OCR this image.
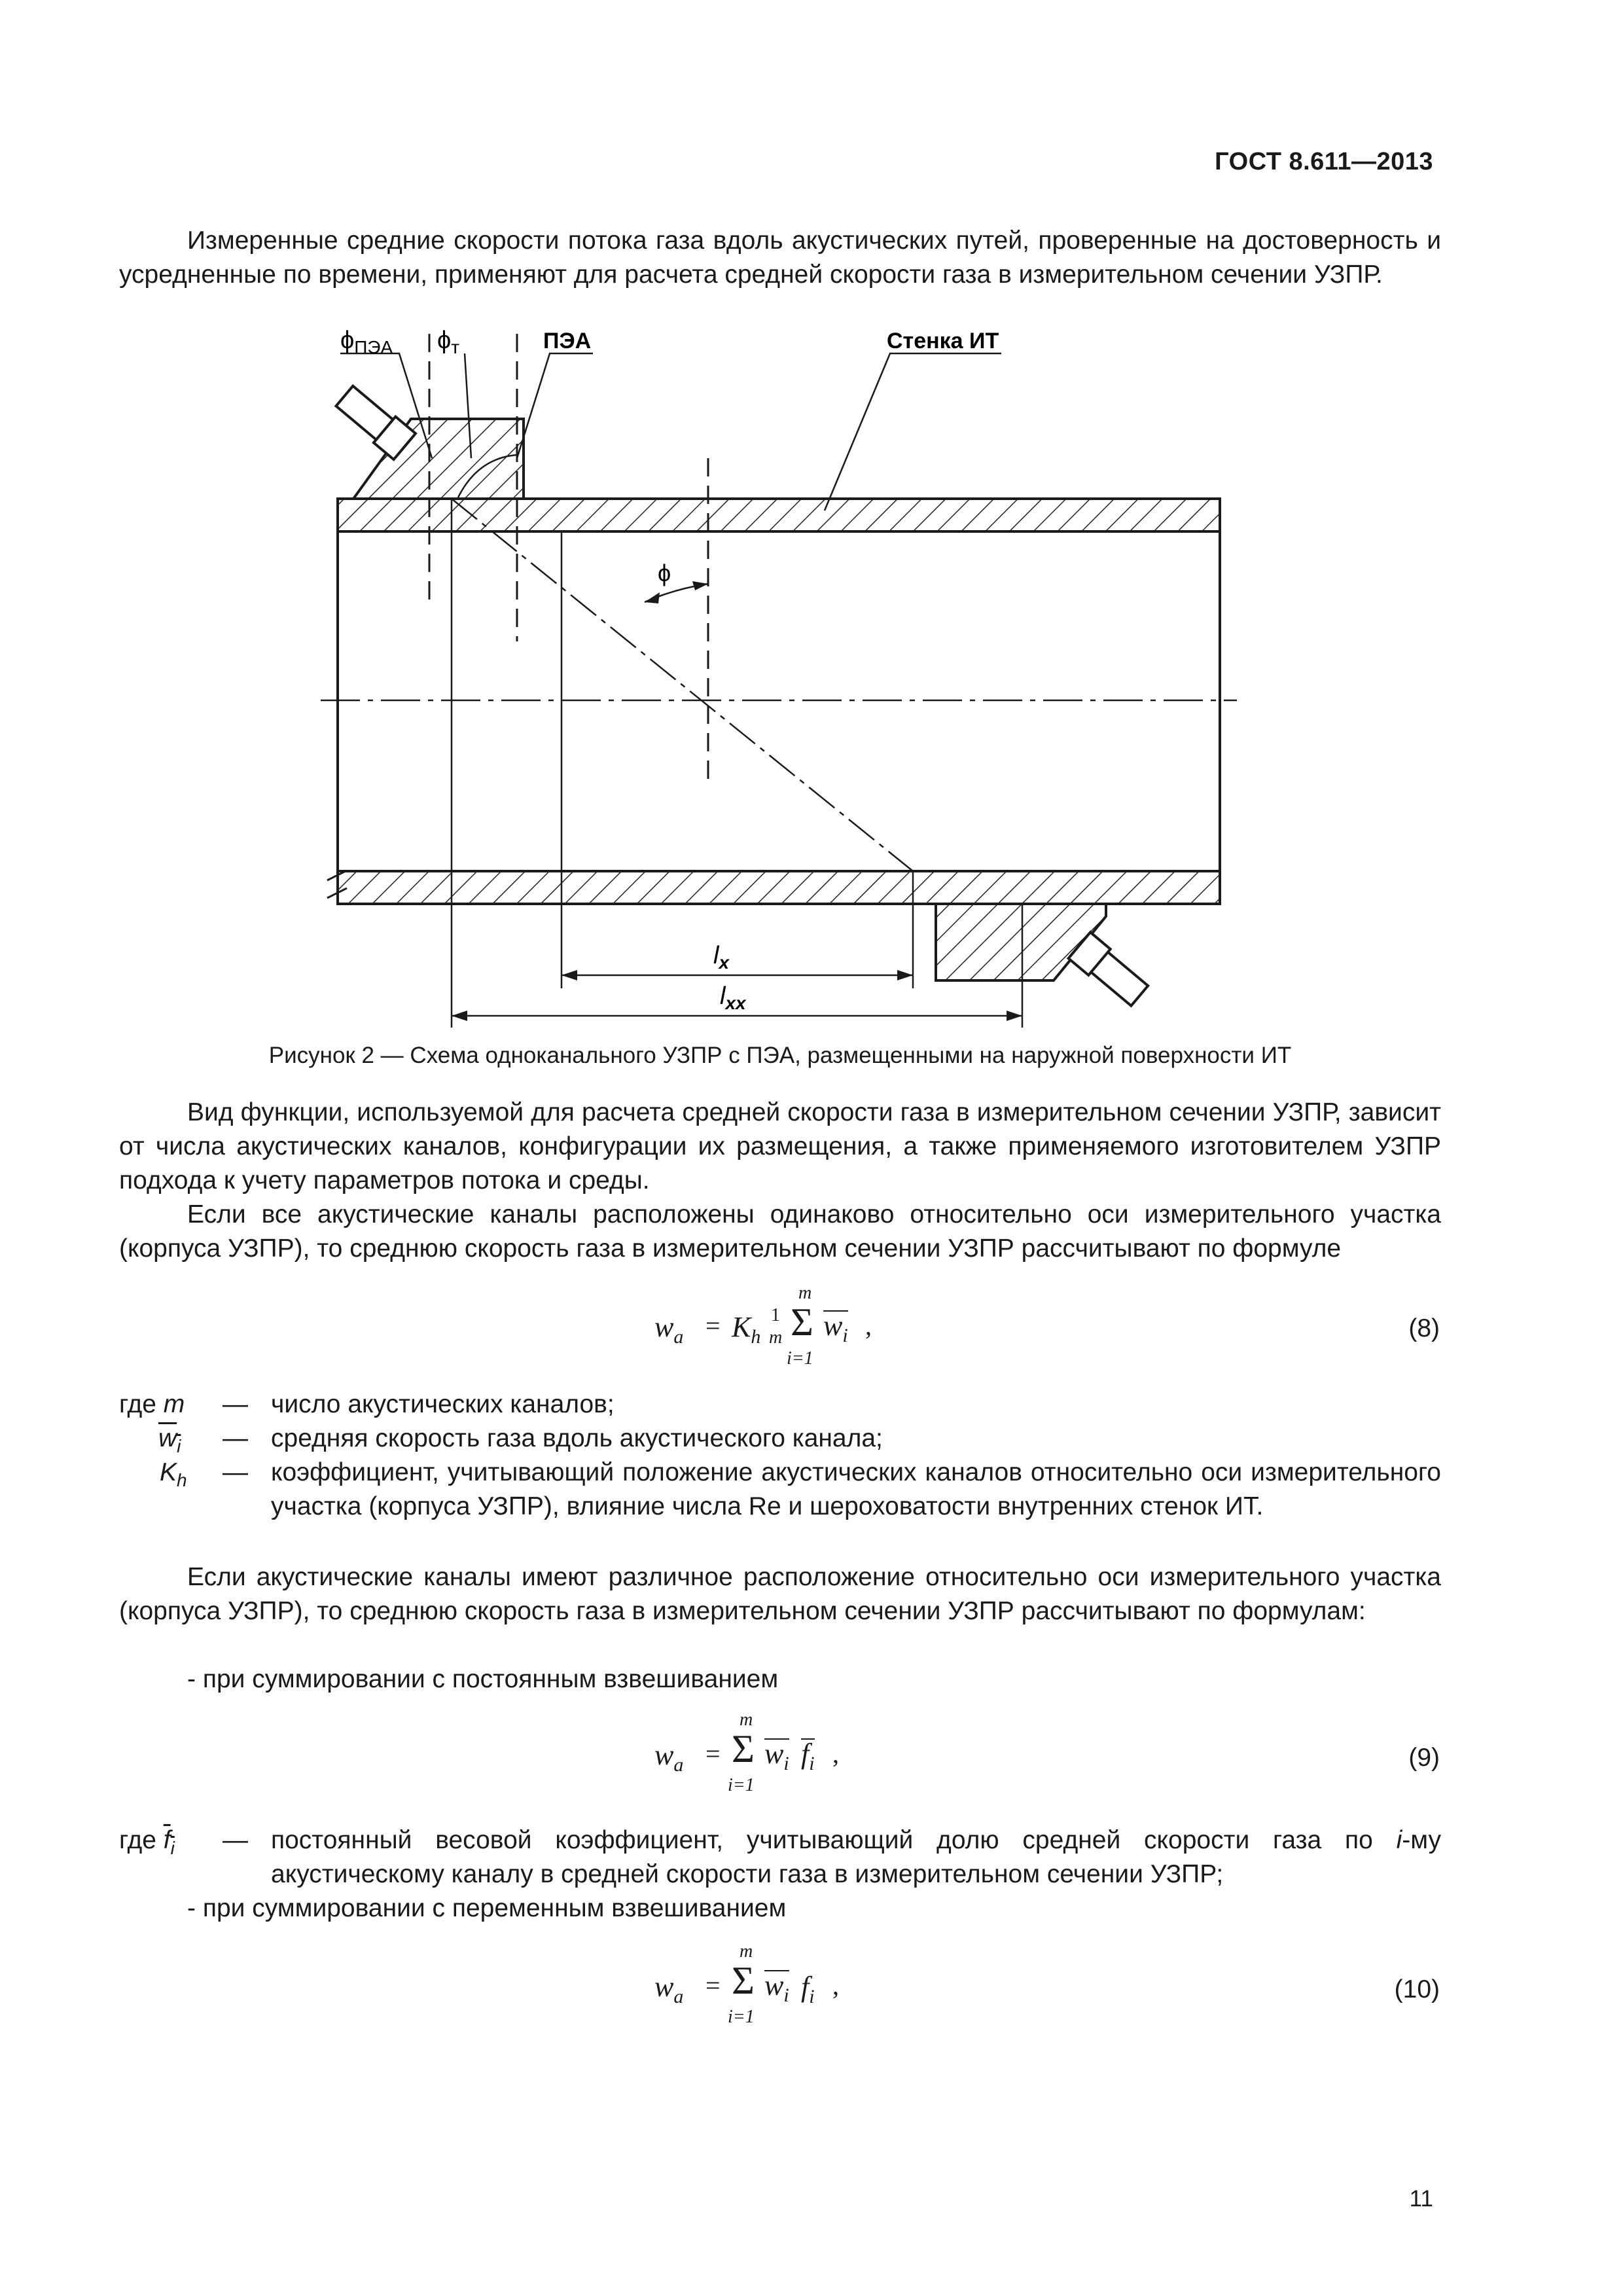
ГОСТ 8.611—2013
Измеренные средние скорости потока газа вдоль акустических путей, проверенные на достоверность и усредненные по времени, применяют для расчета средней скорости газа в измерительном сечении УЗПР.
$\phi_{ПЭА}$ $\phi_т$	ПЭА	Стенка ИТ
ϕ
$l_x$
$l_{xx}$
Рисунок 2 — Схема одноканального УЗПР с ПЭА, размещенными на наружной поверхности ИТ
Вид функции, используемой для расчета средней скорости газа в измерительном сечении УЗПР, зависит от числа акустических каналов, конфигурации их размещения, а также применяемого изготовителем УЗПР подхода к учету параметров потока и среды.
Если все акустические каналы расположены одинаково относительно оси измерительного участка (корпуса УЗПР), то среднюю скорость газа в измерительном сечении УЗПР рассчитывают по формуле
$w_a = K_h$
1
m
m
Σ
i=1
$w_i$ ,	(8)
где m	— число акустических каналов;
$w_i$	— средняя скорость газа вдоль акустического канала;
$K_h$	— коэффициент, учитывающий положение акустических каналов относительно оси измерительного участка (корпуса УЗПР), влияние числа Re и шероховатости внутренних стенок ИТ.
Если акустические каналы имеют различное расположение относительно оси измерительного участка (корпуса УЗПР), то среднюю скорость газа в измерительном сечении УЗПР рассчитывают по формулам:
- при суммировании с постоянным взвешиванием
$w_a$ =
m
Σ
i=1
$w_i$ $f_i$ ,	(9)
где $f_i$	— постоянный весовой коэффициент, учитывающий долю средней скорости газа по i-му акустическому каналу в средней скорости газа в измерительном сечении УЗПР;
- при суммировании с переменным взвешиванием
$w_a$ =
m
Σ
i=1
$w_i$ $f_i$ ,	(10)
11
